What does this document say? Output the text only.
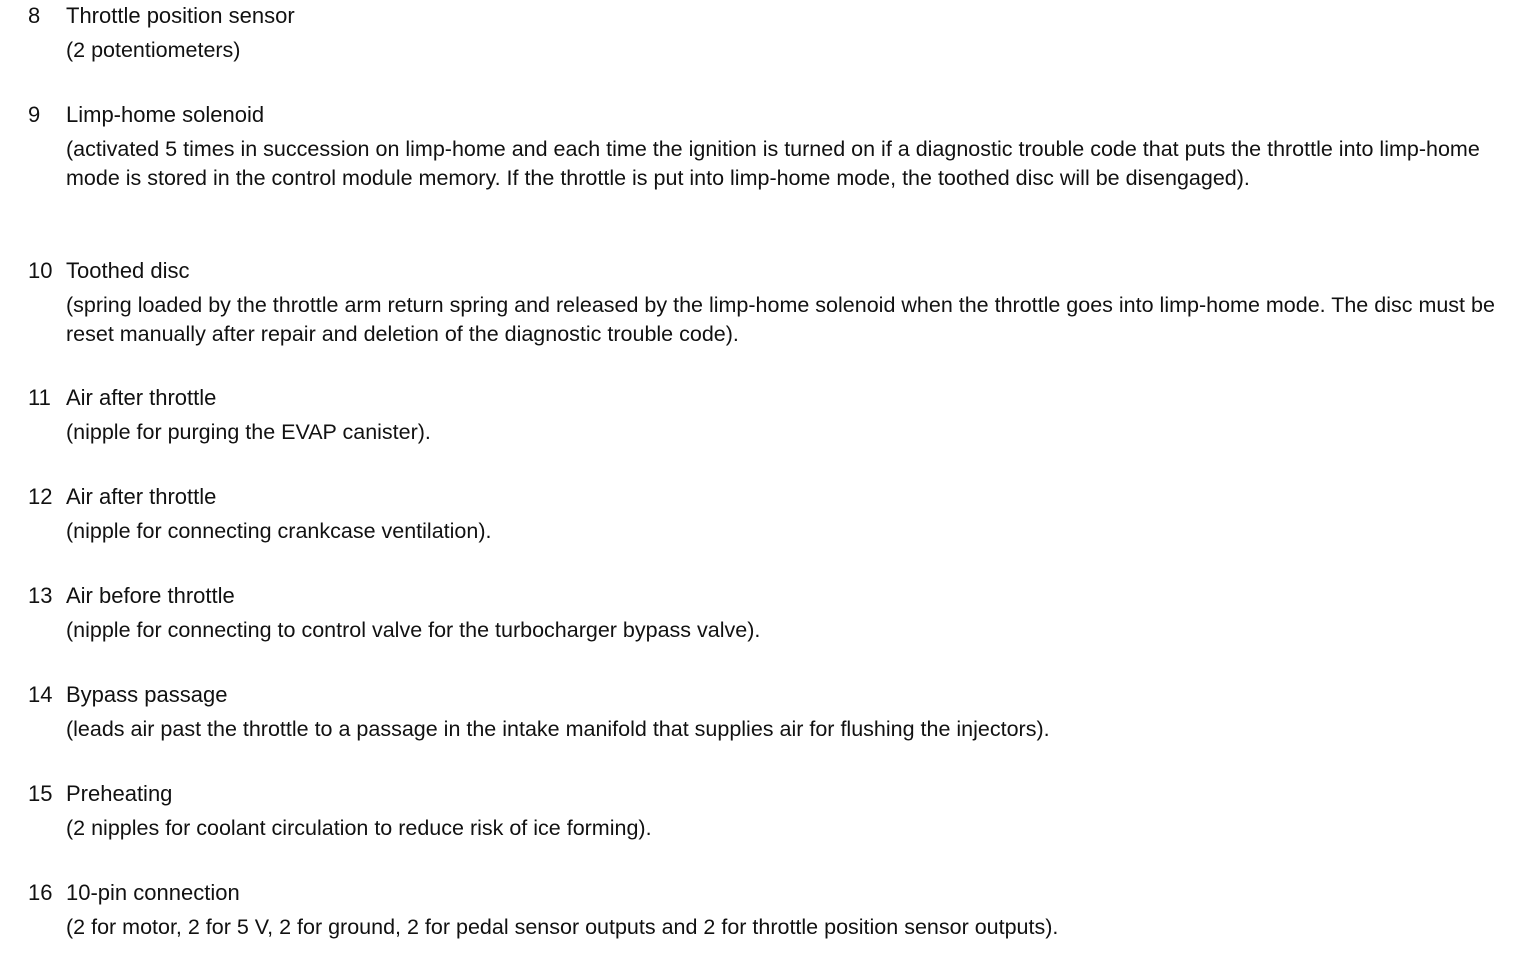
8 Throttle position sensor

(2 potentiometers)

9 Limp-home solenoid

(activated 5 times in succession on limp-home and each time the ignition is turned on if a diagnostic trouble code that puts the throttle into limp-home mode is stored in the control module memory. If the throttle is put into limp-home mode, the toothed disc will be disengaged).

10 Toothed disc

(spring loaded by the throttle arm return spring and released by the limp-home solenoid when the throttle goes into limp-home mode. The disc must be reset manually after repair and deletion of the diagnostic trouble code).

11 Air after throttle

(nipple for purging the EVAP canister).

12 Air after throttle

(nipple for connecting crankcase ventilation).

13 Air before throttle

(nipple for connecting to control valve for the turbocharger bypass valve).

14 Bypass passage

(leads air past the throttle to a passage in the intake manifold that supplies air for flushing the injectors).

15 Preheating

(2 nipples for coolant circulation to reduce risk of ice forming).

16 10-pin connection

(2 for motor, 2 for 5 V, 2 for ground, 2 for pedal sensor outputs and 2 for throttle position sensor outputs).
